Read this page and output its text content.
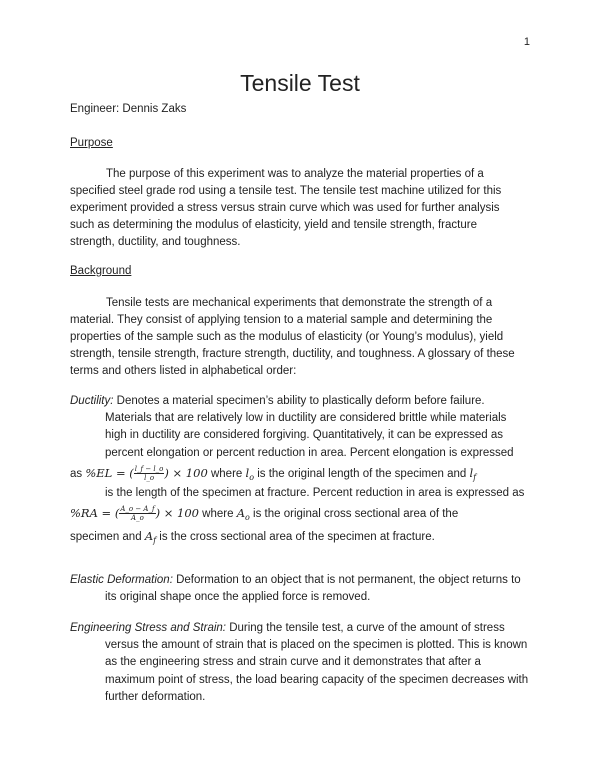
1
Tensile Test
Engineer: Dennis Zaks
Purpose

The purpose of this experiment was to analyze the material properties of a specified steel grade rod using a tensile test. The tensile test machine utilized for this experiment provided a stress versus strain curve which was used for further analysis such as determining the modulus of elasticity, yield and tensile strength, fracture strength, ductility, and toughness.

Background

Tensile tests are mechanical experiments that demonstrate the strength of a material. They consist of applying tension to a material sample and determining the properties of the sample such as the modulus of elasticity (or Young’s modulus), yield strength, tensile strength, fracture strength, ductility, and toughness. A glossary of these terms and others listed in alphabetical order:

Ductility: Denotes a material specimen’s ability to plastically deform before failure. Materials that are relatively low in ductility are considered brittle while materials high in ductility are considered forgiving. Quantitatively, it can be expressed as percent elongation or percent reduction in area. Percent elongation is expressed
as %EL = ( $\frac{l\_f - l\_o}{l\_o}$ ) × 100 where $l_o$ is the original length of the specimen and $l_f$
is the length of the specimen at fracture. Percent reduction in area is expressed as
%RA = ( $\frac{A\_o - A\_f}{A\_o}$ ) × 100 where $A_o$ is the original cross sectional area of the
specimen and $A_f$ is the cross sectional area of the specimen at fracture.
Elastic Deformation: Deformation to an object that is not permanent, the object returns to its original shape once the applied force is removed.
Engineering Stress and Strain: During the tensile test, a curve of the amount of stress versus the amount of strain that is placed on the specimen is plotted. This is known as the engineering stress and strain curve and it demonstrates that after a maximum point of stress, the load bearing capacity of the specimen decreases with further deformation.
